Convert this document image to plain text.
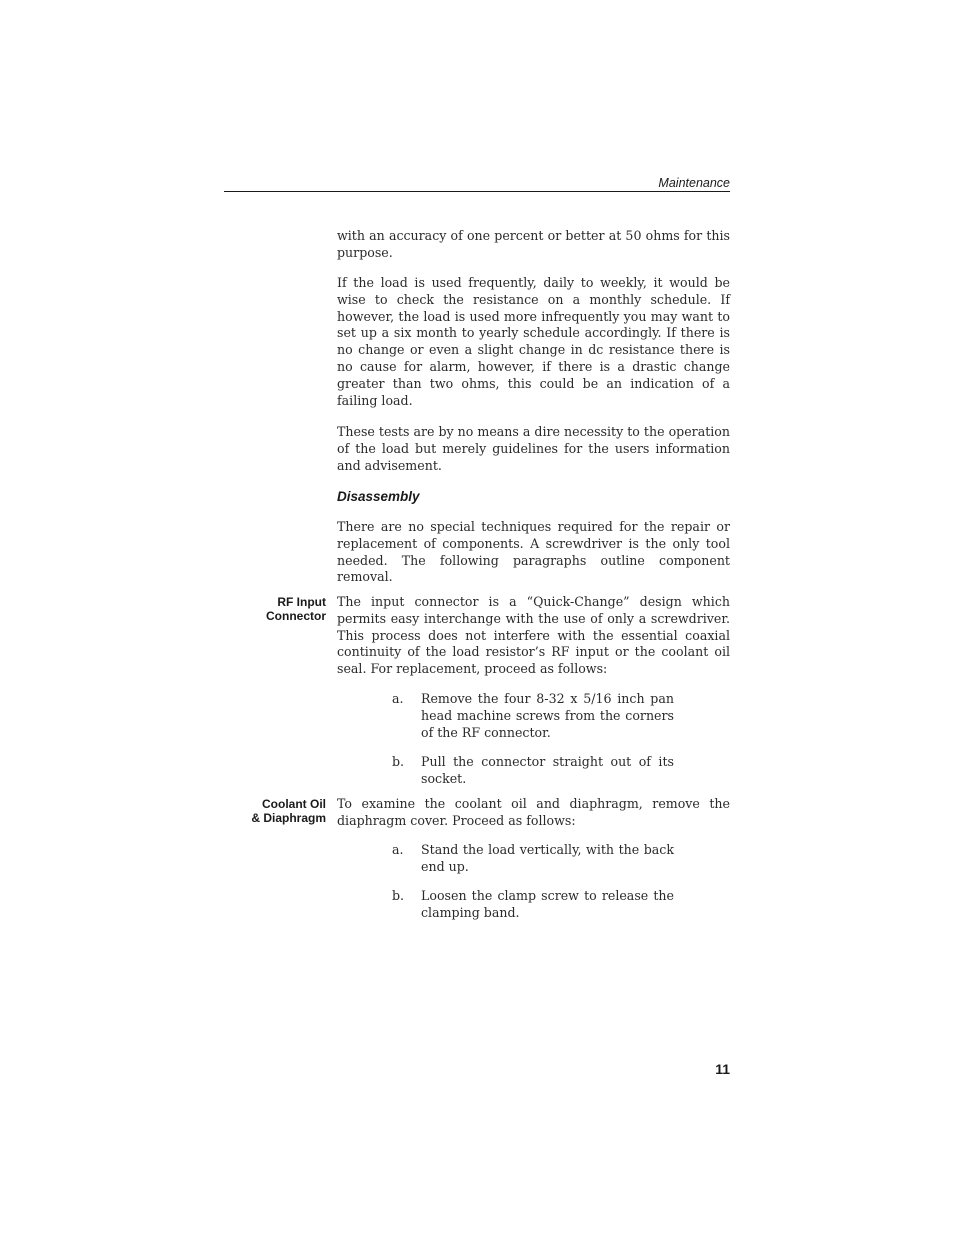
Maintenance

with an accuracy of one percent or better at 50 ohms for this purpose.

If the load is used frequently, daily to weekly, it would be wise to check the resistance on a monthly schedule. If however, the load is used more infrequently you may want to set up a six month to yearly schedule accordingly. If there is no change or even a slight change in dc resistance there is no cause for alarm, however, if there is a drastic change greater than two ohms, this could be an indication of a failing load.

These tests are by no means a dire necessity to the operation of the load but merely guidelines for the users information and advisement.

Disassembly

There are no special techniques required for the repair or replacement of components. A screwdriver is the only tool needed. The following paragraphs outline component removal.

RF Input
Connector

The input connector is a “Quick-Change” design which permits easy interchange with the use of only a screwdriver. This process does not interfere with the essential coaxial continuity of the load resistor’s RF input or the coolant oil seal. For replacement, proceed as follows:

a. Remove the four 8-32 x 5/16 inch pan head machine screws from the corners of the RF connector.
b. Pull the connector straight out of its socket.
Coolant Oil
& Diaphragm

To examine the coolant oil and diaphragm, remove the diaphragm cover. Proceed as follows:

a. Stand the load vertically, with the back end up.
b. Loosen the clamp screw to release the clamping band.
11
